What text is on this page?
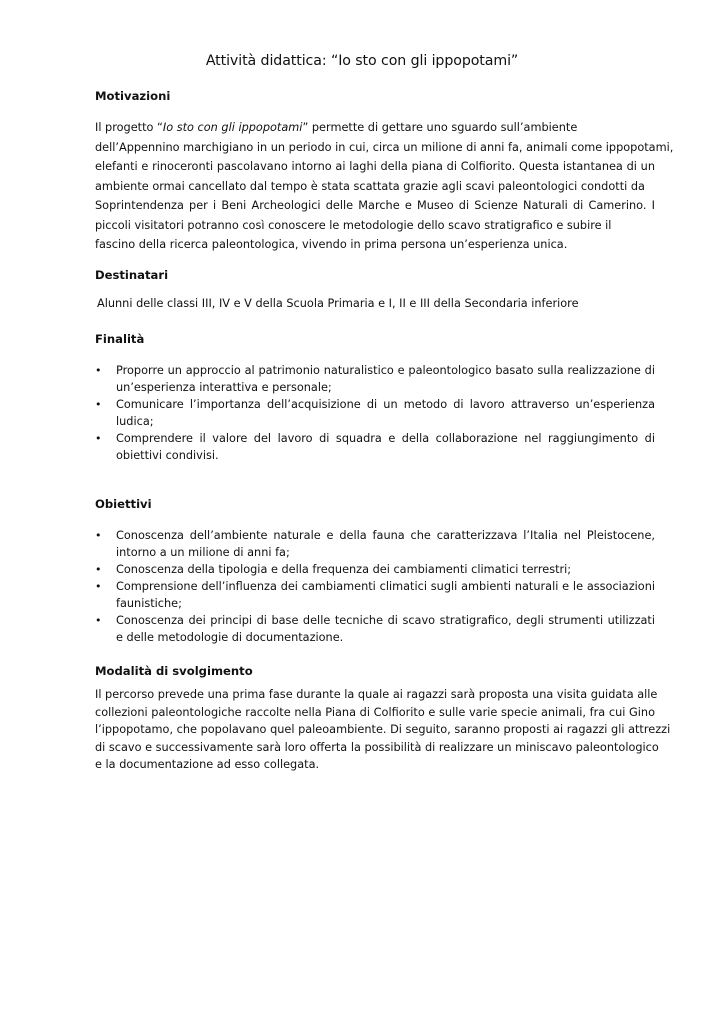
Attività didattica: “Io sto con gli ippopotami”
Motivazioni
Il progetto “Io sto con gli ippopotami” permette di gettare uno sguardo sull’ambiente
dell’Appennino marchigiano in un periodo in cui, circa un milione di anni fa, animali come ippopotami,
elefanti e rinoceronti pascolavano intorno ai laghi della piana di Colfiorito. Questa istantanea di un
ambiente ormai cancellato dal tempo è stata scattata grazie agli scavi paleontologici condotti da
Soprintendenza per i Beni Archeologici delle Marche e Museo di Scienze Naturali di Camerino. I
piccoli visitatori potranno così conoscere le metodologie dello scavo stratigrafico e subire il
fascino della ricerca paleontologica, vivendo in prima persona un’esperienza unica.
Destinatari
Alunni delle classi III, IV e V della Scuola Primaria e I, II e III della Secondaria inferiore
Finalità
• Proporre un approccio al patrimonio naturalistico e paleontologico basato sulla realizzazione di
un’esperienza interattiva e personale;
• Comunicare l’importanza dell’acquisizione di un metodo di lavoro attraverso un’esperienza
ludica;
• Comprendere il valore del lavoro di squadra e della collaborazione nel raggiungimento di
obiettivi condivisi.
Obiettivi
• Conoscenza dell’ambiente naturale e della fauna che caratterizzava l’Italia nel Pleistocene,
intorno a un milione di anni fa;
• Conoscenza della tipologia e della frequenza dei cambiamenti climatici terrestri;
• Comprensione dell’influenza dei cambiamenti climatici sugli ambienti naturali e le associazioni
faunistiche;
• Conoscenza dei principi di base delle tecniche di scavo stratigrafico, degli strumenti utilizzati
e delle metodologie di documentazione.
Modalità di svolgimento
Il percorso prevede una prima fase durante la quale ai ragazzi sarà proposta una visita guidata alle
collezioni paleontologiche raccolte nella Piana di Colfiorito e sulle varie specie animali, fra cui Gino
l’ippopotamo, che popolavano quel paleoambiente. Di seguito, saranno proposti ai ragazzi gli attrezzi
di scavo e successivamente sarà loro offerta la possibilità di realizzare un miniscavo paleontologico
e la documentazione ad esso collegata.
